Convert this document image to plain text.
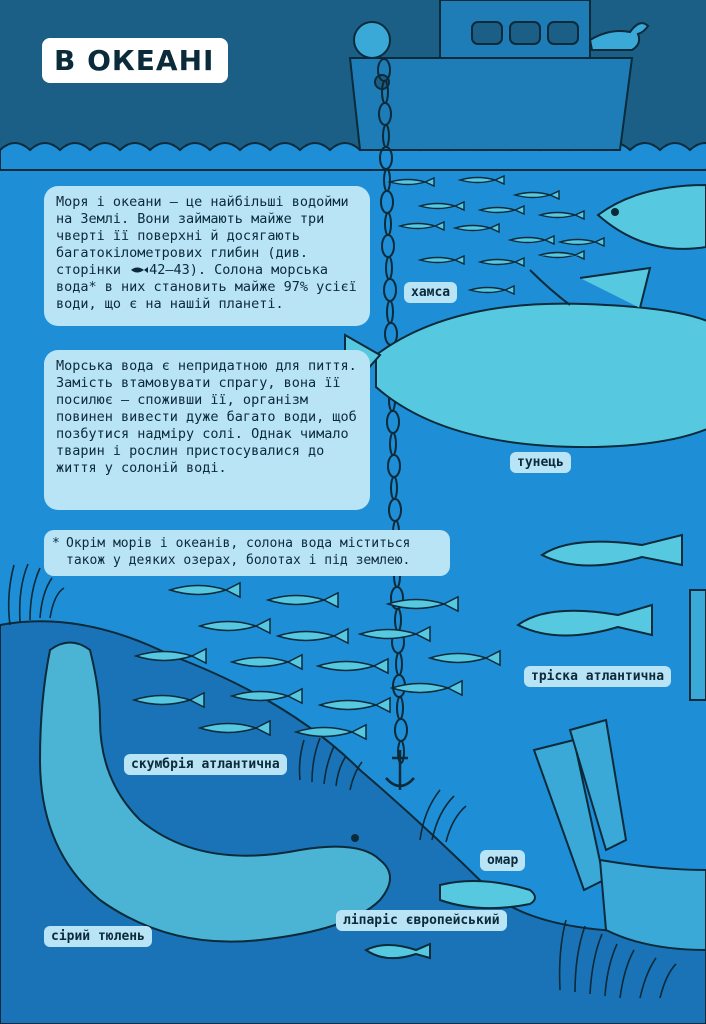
В ОКЕАНІ
Моря і океани — це найбільші водойми на Землі. Вони займають майже три чверті її поверхні й досягають багатокілометрових глибин (див. сторінки 42–43). Солона морська вода* в них становить майже 97% усієї води, що є на нашій планеті.
Морська вода є непридатною для пиття. Замість втамовувати спрагу, вона її посилює — споживши її, організм повинен вивести дуже багато води, щоб позбутися надміру солі. Однак чимало тварин і рослин пристосувалися до життя у солоній воді.
* Окрім морів і океанів, солона вода міститься також у деяких озерах, болотах і під землею.
хамса
тунець
тріска атлантична
скумбрія атлантична
омар
сірий тюлень
ліпаріс європейський
